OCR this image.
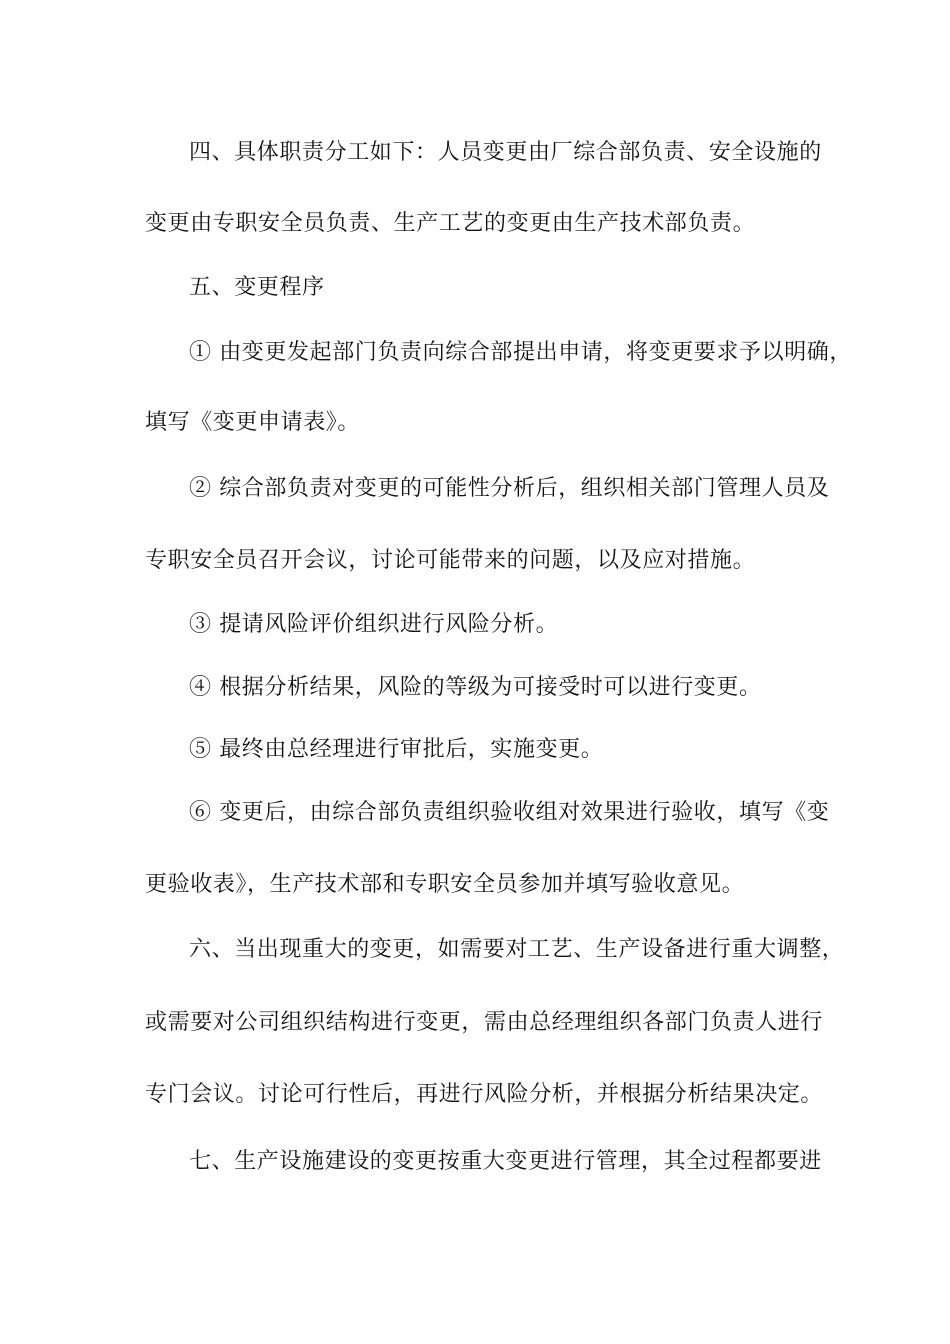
四、具体职责分工如下：人员变更由厂综合部负责、安全设施的
变更由专职安全员负责、生产工艺的变更由生产技术部负责。
五、变更程序
① 由变更发起部门负责向综合部提出申请，将变更要求予以明确，
填写《变更申请表》。
② 综合部负责对变更的可能性分析后，组织相关部门管理人员及
专职安全员召开会议，讨论可能带来的问题，以及应对措施。
③ 提请风险评价组织进行风险分析。
④ 根据分析结果，风险的等级为可接受时可以进行变更。
⑤ 最终由总经理进行审批后，实施变更。
⑥ 变更后，由综合部负责组织验收组对效果进行验收，填写《变
更验收表》，生产技术部和专职安全员参加并填写验收意见。
六、当出现重大的变更，如需要对工艺、生产设备进行重大调整，
或需要对公司组织结构进行变更，需由总经理组织各部门负责人进行
专门会议。讨论可行性后，再进行风险分析，并根据分析结果决定。
七、生产设施建设的变更按重大变更进行管理，其全过程都要进
